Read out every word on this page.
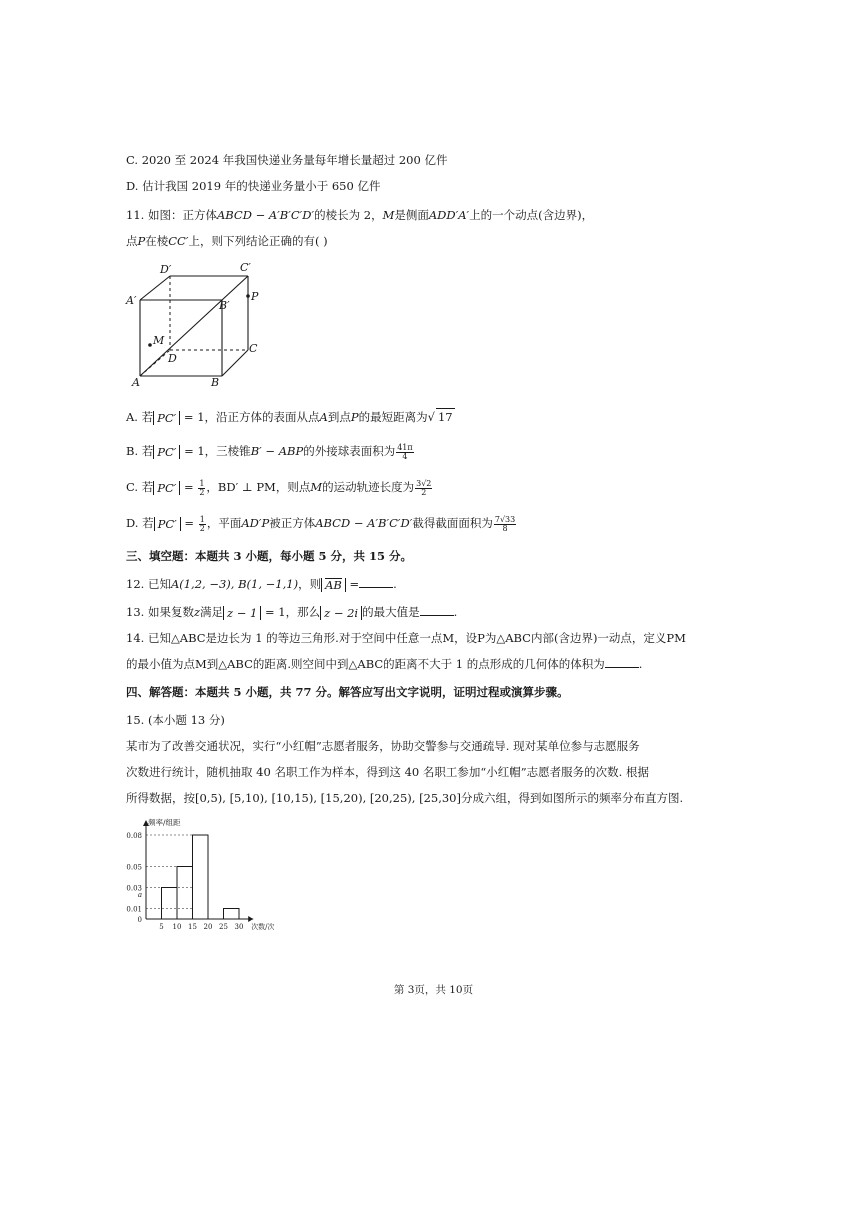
C. 2020 至 2024 年我国快递业务量每年增长量超过 200 亿件
D. 估计我国 2019 年的快递业务量小于 650 亿件
11. 如图：正方体ABCD − A′B′C′D′的棱长为 2，M是侧面ADD′A′上的一个动点(含边界)，
点P在棱CC′上，则下列结论正确的有( )
D′	C′
A′	B′
P
M
D
C
A	B
A. 若 PC′ = 1，沿正方体的表面从点A到点P的最短距离为√ 17
B. 若 PC′ = 1，三棱锥B′ − ABP的外接球表面积为 $\frac{41\pi}{4}$
C. 若 $PC' = \frac{1}{2}$ ，BD′ ⊥ PM，则点M的运动轨迹长度为 $\frac{3√2}{2}$
D. 若 $PC' = \frac{1}{2}$ ，平面AD′P被正方体ABCD − A′B′C′D′截得截面面积为 $\frac{7√33}{8}$
三、填空题：本题共 3 小题，每小题 5 分，共 15 分。
12. 已知A(1,2, −3), B(1, −1,1)，则 AB =	.
13. 如果复数z满足 z − 1 = 1，那么 z − 2i 的最大值是	.
14. 已知△ABC是边长为 1 的等边三角形.对于空间中任意一点M，设P为△ABC内部(含边界)一动点，定义PM
的最小值为点M到△ABC的距离.则空间中到△ABC的距离不大于 1 的点形成的几何体的体积为	.
四、解答题：本题共 5 小题，共 77 分。解答应写出文字说明，证明过程或演算步骤。
15. (本小题 13 分)
某市为了改善交通状况，实行“小红帽”志愿者服务，协助交警参与交通疏导. 现对某单位参与志愿服务
次数进行统计，随机抽取 40 名职工作为样本，得到这 40 名职工参加“小红帽”志愿者服务的次数. 根据
所得数据，按[0,5), [5,10), [10,15), [15,20), [20,25), [25,30]分成六组，得到如图所示的频率分布直方图.
0.08
0.05
0.03
0.01
0
a
5 10 15 20 25 30
频率/组距
次数/次
第 3页，共 10页
